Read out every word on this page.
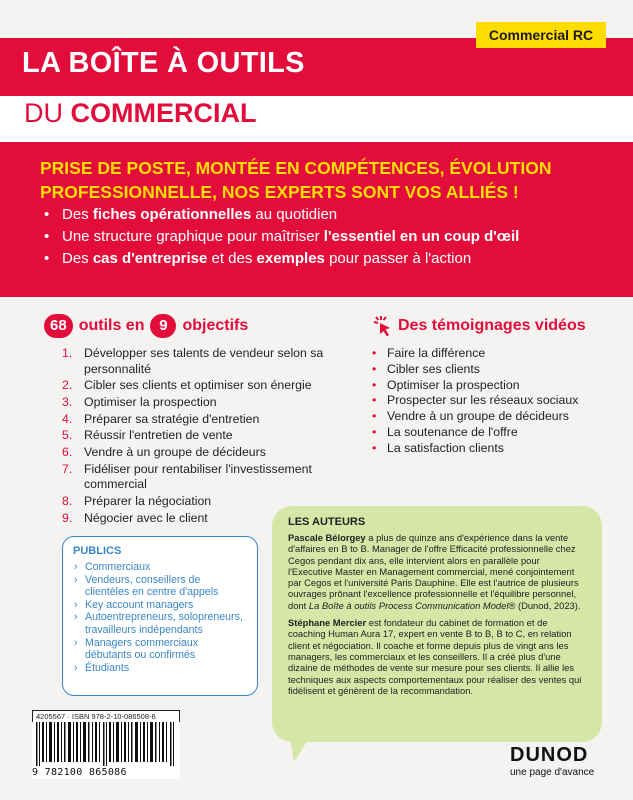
Commercial RC
LA BOÎTE À OUTILS
DU COMMERCIAL
PRISE DE POSTE, MONTÉE EN COMPÉTENCES, ÉVOLUTION PROFESSIONNELLE, NOS EXPERTS SONT VOS ALLIÉS !
• Des fiches opérationnelles au quotidien
• Une structure graphique pour maîtriser l'essentiel en un coup d'œil
• Des cas d'entreprise et des exemples pour passer à l'action
68 outils en 9 objectifs
1. Développer ses talents de vendeur selon sa personnalité
2. Cibler ses clients et optimiser son énergie
3. Optimiser la prospection
4. Préparer sa stratégie d'entretien
5. Réussir l'entretien de vente
6. Vendre à un groupe de décideurs
7. Fidéliser pour rentabiliser l'investissement commercial
8. Préparer la négociation
9. Négocier avec le client
Des témoignages vidéos
• Faire la différence
• Cibler ses clients
• Optimiser la prospection
• Prospecter sur les réseaux sociaux
• Vendre à un groupe de décideurs
• La soutenance de l'offre
• La satisfaction clients
PUBLICS
› Commerciaux
› Vendeurs, conseillers de clientèles en centre d'appels
› Key account managers
› Autoentrepreneurs, solopreneurs, travailleurs indépendants
› Managers commerciaux débutants ou confirmés
› Étudiants
LES AUTEURS

Pascale Bélorgey a plus de quinze ans d'expérience dans la vente d'affaires en B to B. Manager de l'offre Efficacité professionnelle chez Cegos pendant dix ans, elle intervient alors en parallèle pour l'Executive Master en Management commercial, mené conjointement par Cegos et l'université Paris Dauphine. Elle est l'autrice de plusieurs ouvrages prônant l'excellence professionnelle et l'équilibre personnel, dont La Boîte à outils Process Communication Model® (Dunod, 2023).

Stéphane Mercier est fondateur du cabinet de formation et de coaching Human Aura 17, expert en vente B to B, B to C, en relation client et négociation. Il coache et forme depuis plus de vingt ans les managers, les commerciaux et les conseillers. Il a créé plus d'une dizaine de méthodes de vente sur mesure pour ses clients. Il allie les techniques aux aspects comportementaux pour réaliser des ventes qui fidélisent et génèrent de la recommandation.

4205567 · ISBN 978-2-10-086508-6
9 782100 865086
DUNOD
une page d'avance
